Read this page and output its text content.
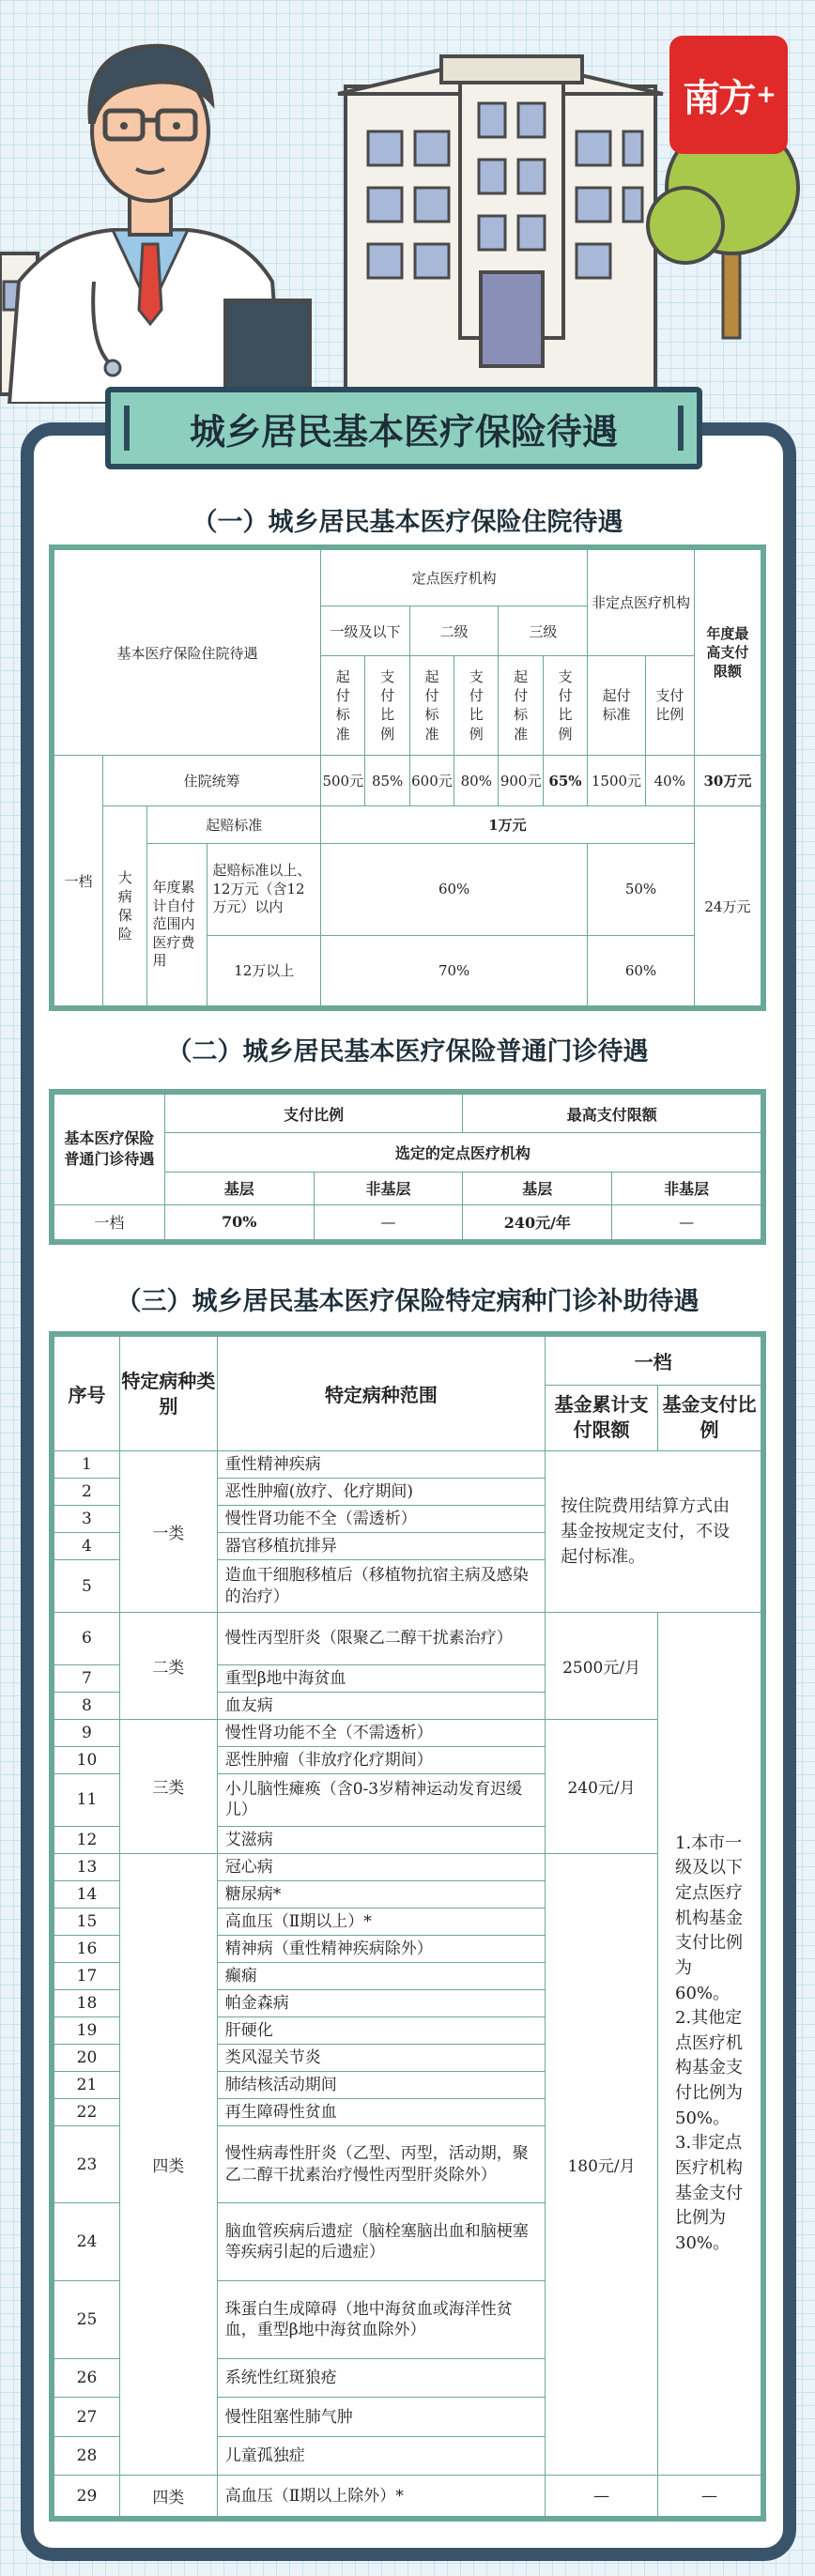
南方 +
城乡居民基本医疗保险待遇
（一）城乡居民基本医疗保险住院待遇
基本医疗保险住院待遇				定点医疗机构						非定点医疗机构		年度最高支付限额
				一级及以下		二级		三级				
				起付标准	支付比例	起付标准	支付比例	起付标准	支付比例	起付标准	支付比例	
一档	住院统筹			500元	85%	600元	80%	900元	65%	1500元	40%	30万元
	大病保险	起赔标准		1万元								24万元
		年度累计自付范围内医疗费用	起赔标准以上、12万元（含12万元）以内	60%						50%		
			12万以上	70%						60%		
（二）城乡居民基本医疗保险普通门诊待遇
基本医疗保险普通门诊待遇	支付比例		最高支付限额	
	选定的定点医疗机构			
	基层	非基层	基层	非基层
一档	70%	—	240元/年	—
（三）城乡居民基本医疗保险特定病种门诊补助待遇
序号	特定病种类别	特定病种范围	一档	
			基金累计支付限额	基金支付比例
1	一类	重性精神疾病	按住院费用结算方式由基金按规定支付，不设起付标准。	
2		恶性肿瘤(放疗、化疗期间)		
3		慢性肾功能不全（需透析）		
4		器官移植抗排异		
5		造血干细胞移植后（移植物抗宿主病及感染的治疗）		
6	二类	慢性丙型肝炎（限聚乙二醇干扰素治疗）	2500元/月	1.本市一级及以下定点医疗机构基金支付比例为60%。2.其他定点医疗机构基金支付比例为50%。3.非定点医疗机构基金支付比例为30%。
7		重型β地中海贫血		
8		血友病		
9	三类	慢性肾功能不全（不需透析）	240元/月	
10		恶性肿瘤（非放疗化疗期间）		
11		小儿脑性瘫痪（含0-3岁精神运动发育迟缓儿）		
12		艾滋病		
13	四类	冠心病	180元/月	
14		糖尿病*		
15		高血压（Ⅱ期以上）*		
16		精神病（重性精神疾病除外）		
17		癫痫		
18		帕金森病		
19		肝硬化		
20		类风湿关节炎		
21		肺结核活动期间		
22		再生障碍性贫血		
23		慢性病毒性肝炎（乙型、丙型，活动期，聚乙二醇干扰素治疗慢性丙型肝炎除外）		
24		脑血管疾病后遗症（脑栓塞脑出血和脑梗塞等疾病引起的后遗症）		
25		珠蛋白生成障碍（地中海贫血或海洋性贫血，重型β地中海贫血除外）		
26		系统性红斑狼疮		
27		慢性阻塞性肺气肿		
28		儿童孤独症		
29	四类	高血压（Ⅱ期以上除外）*	—	—
